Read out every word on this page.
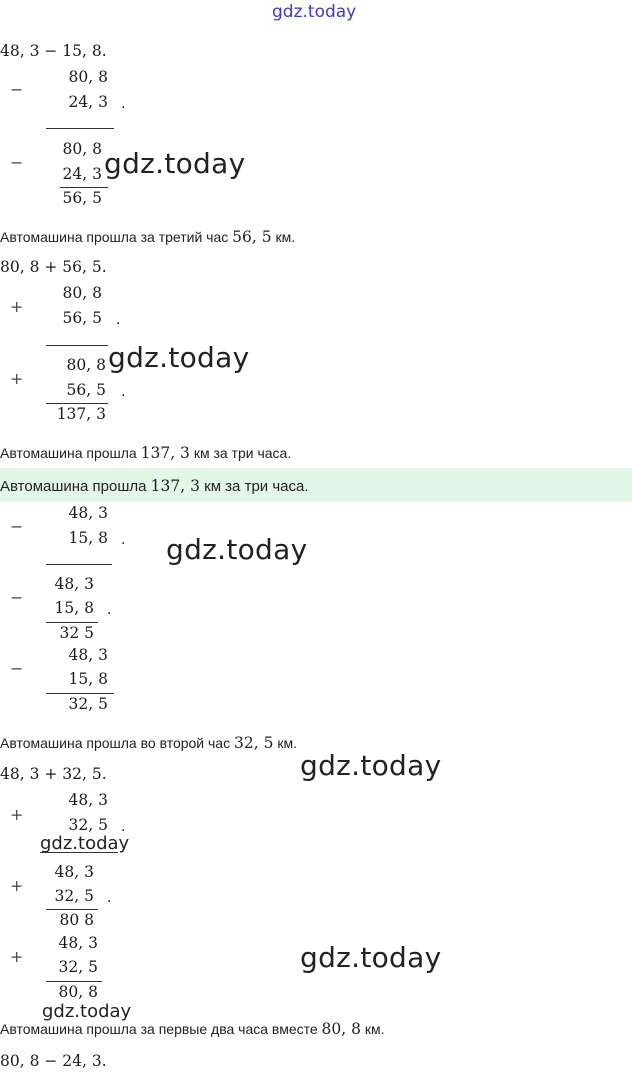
gdz.today
48, 3 − 15, 8.
−
80, 8
24, 3 .
−
80, 8
24, 3
56, 5
gdz.today
Автомашина прошла за третий час 56, 5 км.
80, 8 + 56, 5.
+
80, 8
56, 5 .
+
80, 8
56, 5 .
137, 3
gdz.today
Автомашина прошла 137, 3 км за три часа.
Автомашина прошла 137, 3 км за три часа.
−
48, 3
15, 8 . gdz.today
−
48, 3
15, 8 .
32 5
−
48, 3
15, 8
32, 5
Автомашина прошла во второй час 32, 5 км.
gdz.today
48, 3 + 32, 5.
+
48, 3
32, 5 .
gdz.today
+
48, 3
32, 5 .
80 8
+
48, 3
32, 5
80, 8
gdz.today
gdz.today
Автомашина прошла за первые два часа вместе 80, 8 км.
80, 8 − 24, 3.
